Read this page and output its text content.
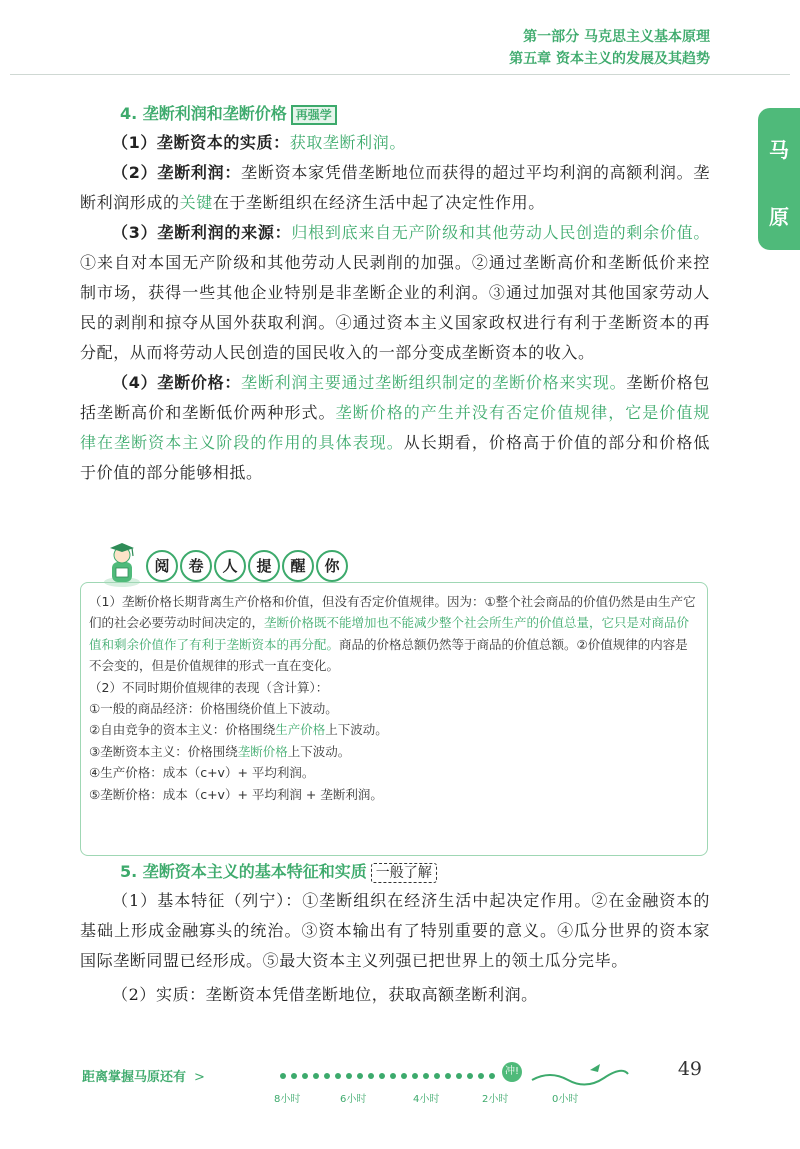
第一部分 马克思主义基本原理
第五章 资本主义的发展及其趋势
马
原
4. 垄断利润和垄断价格 再强学

（1）垄断资本的实质：获取垄断利润。

（2）垄断利润：垄断资本家凭借垄断地位而获得的超过平均利润的高额利润。垄断利润形成的关键在于垄断组织在经济生活中起了决定性作用。

（3）垄断利润的来源：归根到底来自无产阶级和其他劳动人民创造的剩余价值。①来自对本国无产阶级和其他劳动人民剥削的加强。②通过垄断高价和垄断低价来控制市场，获得一些其他企业特别是非垄断企业的利润。③通过加强对其他国家劳动人民的剥削和掠夺从国外获取利润。④通过资本主义国家政权进行有利于垄断资本的再分配，从而将劳动人民创造的国民收入的一部分变成垄断资本的收入。

（4）垄断价格：垄断利润主要通过垄断组织制定的垄断价格来实现。垄断价格包括垄断高价和垄断低价两种形式。垄断价格的产生并没有否定价值规律，它是价值规律在垄断资本主义阶段的作用的具体表现。从长期看，价格高于价值的部分和价格低于价值的部分能够相抵。

阅 卷 人 提 醒 你
（1）垄断价格长期背离生产价格和价值，但没有否定价值规律。因为：①整个社会商品的价值仍然是由生产它们的社会必要劳动时间决定的，垄断价格既不能增加也不能减少整个社会所生产的价值总量，它只是对商品价值和剩余价值作了有利于垄断资本的再分配。商品的价格总额仍然等于商品的价值总额。②价值规律的内容是不会变的，但是价值规律的形式一直在变化。
（2）不同时期价值规律的表现（含计算）：
①一般的商品经济：价格围绕价值上下波动。
②自由竞争的资本主义：价格围绕生产价格上下波动。
③垄断资本主义：价格围绕垄断价格上下波动。
④生产价格：成本（c+v）+ 平均利润。
⑤垄断价格：成本（c+v）+ 平均利润 + 垄断利润。
5. 垄断资本主义的基本特征和实质 一般了解

（1）基本特征（列宁）：①垄断组织在经济生活中起决定作用。②在金融资本的基础上形成金融寡头的统治。③资本输出有了特别重要的意义。④瓜分世界的资本家国际垄断同盟已经形成。⑤最大资本主义列强已把世界上的领土瓜分完毕。

（2）实质：垄断资本凭借垄断地位，获取高额垄断利润。

距离掌握马原还有 >	冲!
8小时	6小时	4小时	2小时	0小时
49
